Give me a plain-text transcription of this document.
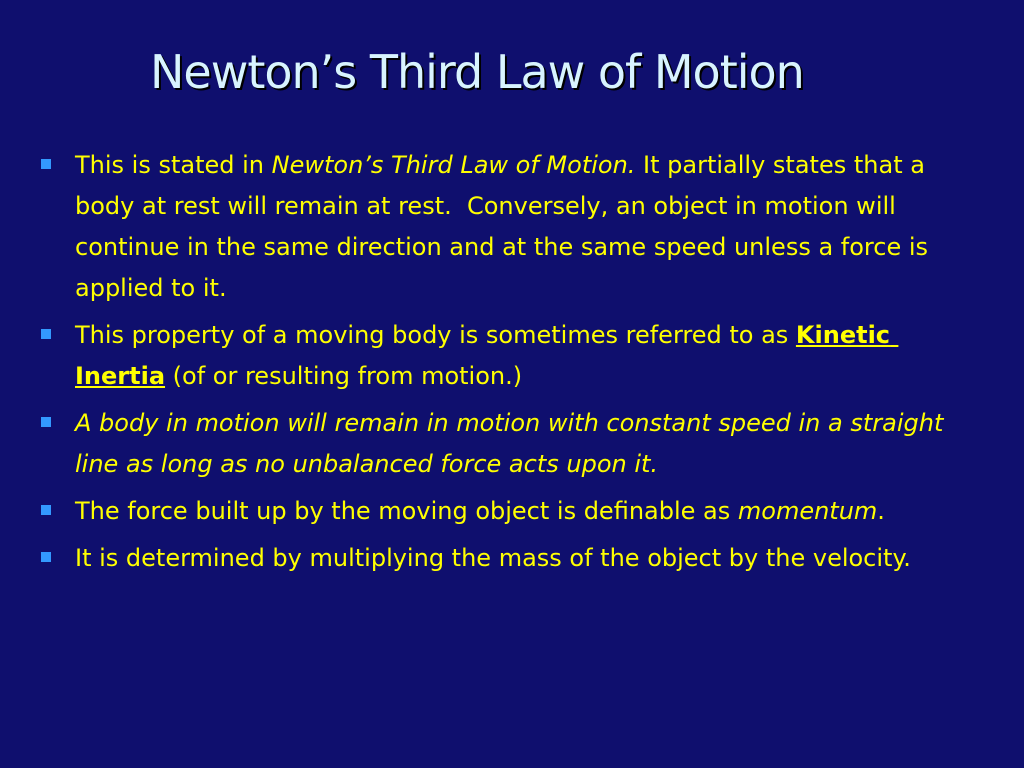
Newton’s Third Law of Motion
This is stated in Newton’s Third Law of Motion. It partially states that a body at rest will remain at rest.  Conversely, an object in motion will continue in the same direction and at the same speed unless a force is applied to it.
This property of a moving body is sometimes referred to as Kinetic Inertia (of or resulting from motion.)
A body in motion will remain in motion with constant speed in a straight line as long as no unbalanced force acts upon it.
The force built up by the moving object is definable as momentum.
It is determined by multiplying the mass of the object by the velocity.
